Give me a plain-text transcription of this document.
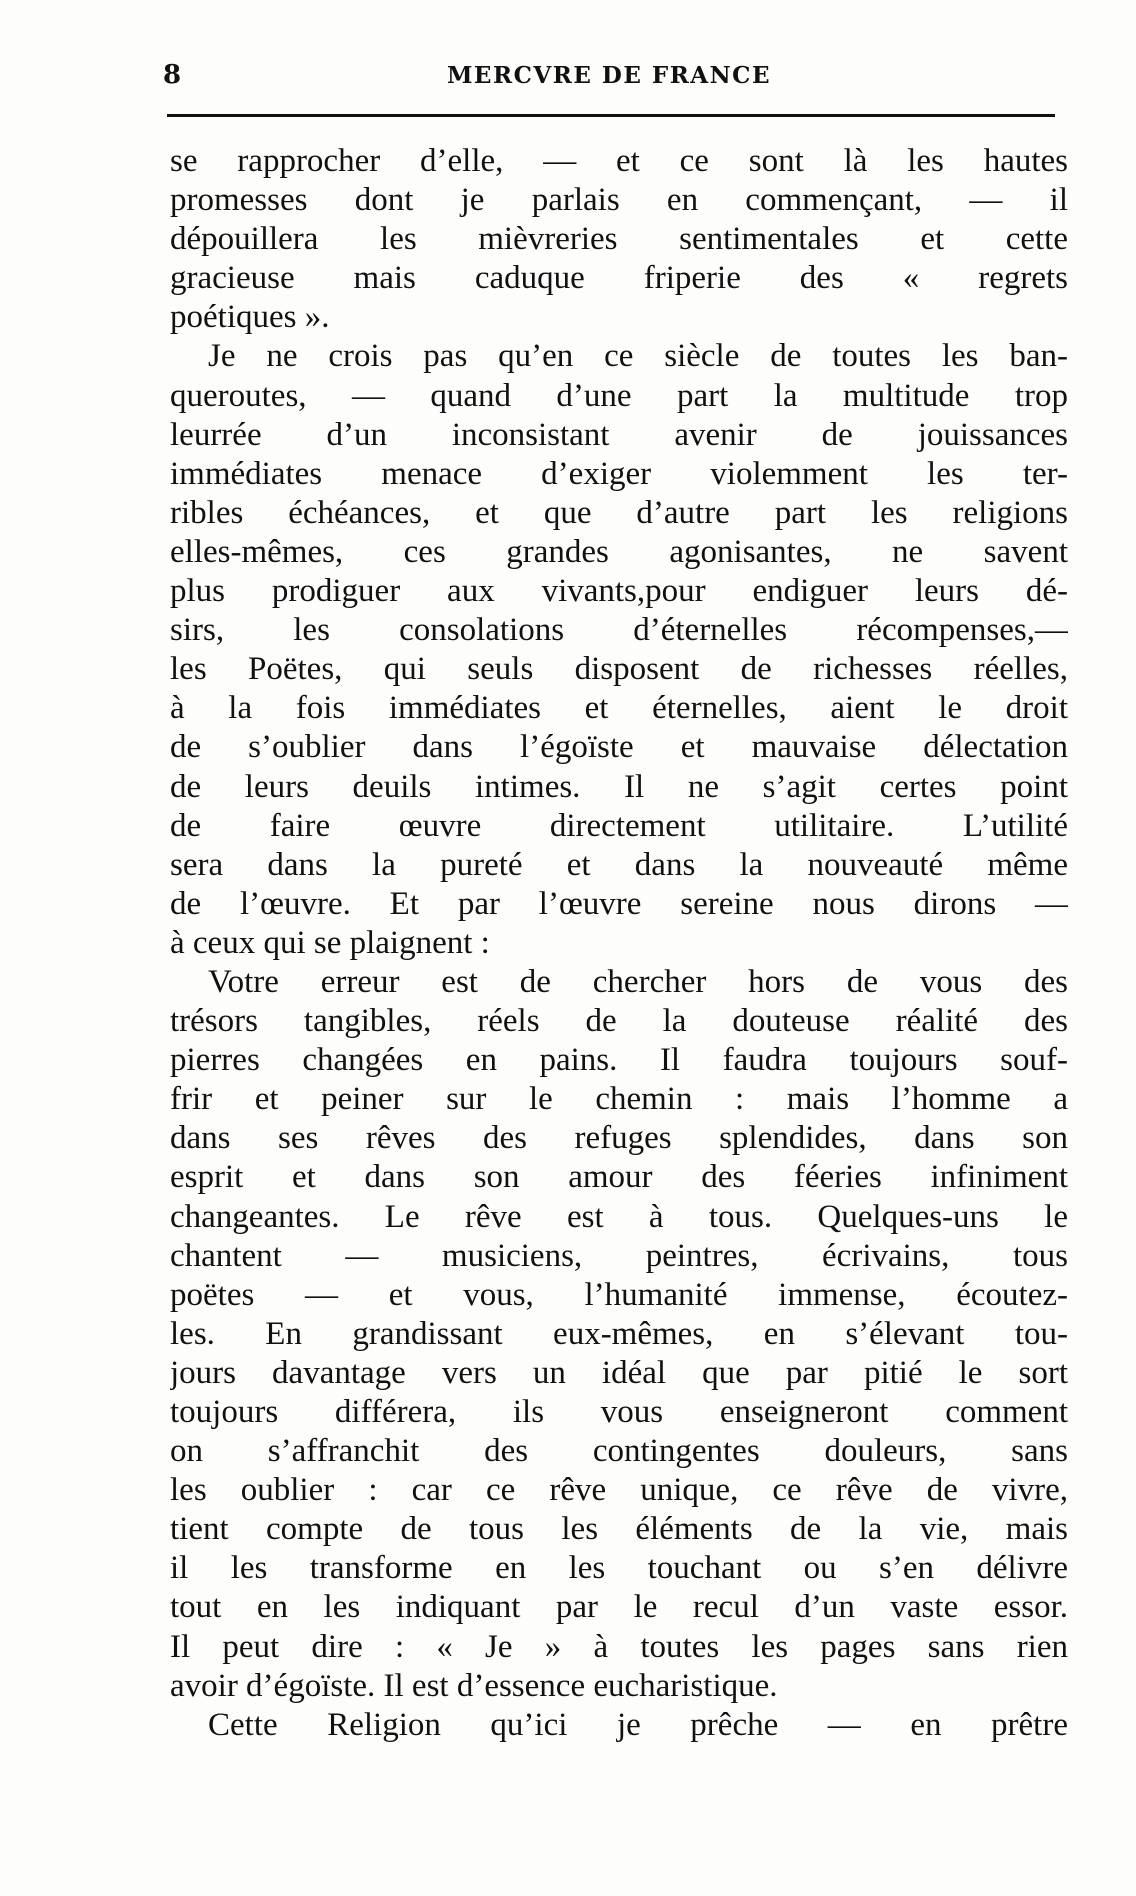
8	MERCVRE DE FRANCE
se rapprocher d’elle, — et ce sont là les hautes
promesses dont je parlais en commençant, — il
dépouillera les mièvreries sentimentales et cette
gracieuse mais caduque friperie des « regrets
poétiques ».
Je ne crois pas qu’en ce siècle de toutes les ban-
queroutes, — quand d’une part la multitude trop
leurrée d’un inconsistant avenir de jouissances
immédiates menace d’exiger violemment les ter-
ribles échéances, et que d’autre part les religions
elles-mêmes, ces grandes agonisantes, ne savent
plus prodiguer aux vivants,pour endiguer leurs dé-
sirs, les consolations d’éternelles récompenses,—
les Poëtes, qui seuls disposent de richesses réelles,
à la fois immédiates et éternelles, aient le droit
de s’oublier dans l’égoïste et mauvaise délectation
de leurs deuils intimes. Il ne s’agit certes point
de faire œuvre directement utilitaire. L’utilité
sera dans la pureté et dans la nouveauté même
de l’œuvre. Et par l’œuvre sereine nous dirons —
à ceux qui se plaignent :
Votre erreur est de chercher hors de vous des
trésors tangibles, réels de la douteuse réalité des
pierres changées en pains. Il faudra toujours souf-
frir et peiner sur le chemin : mais l’homme a
dans ses rêves des refuges splendides, dans son
esprit et dans son amour des féeries infiniment
changeantes. Le rêve est à tous. Quelques-uns le
chantent — musiciens, peintres, écrivains, tous
poëtes — et vous, l’humanité immense, écoutez-
les. En grandissant eux-mêmes, en s’élevant tou-
jours davantage vers un idéal que par pitié le sort
toujours différera, ils vous enseigneront comment
on s’affranchit des contingentes douleurs, sans
les oublier : car ce rêve unique, ce rêve de vivre,
tient compte de tous les éléments de la vie, mais
il les transforme en les touchant ou s’en délivre
tout en les indiquant par le recul d’un vaste essor.
Il peut dire : « Je » à toutes les pages sans rien
avoir d’égoïste. Il est d’essence eucharistique.
Cette Religion qu’ici je prêche — en prêtre
